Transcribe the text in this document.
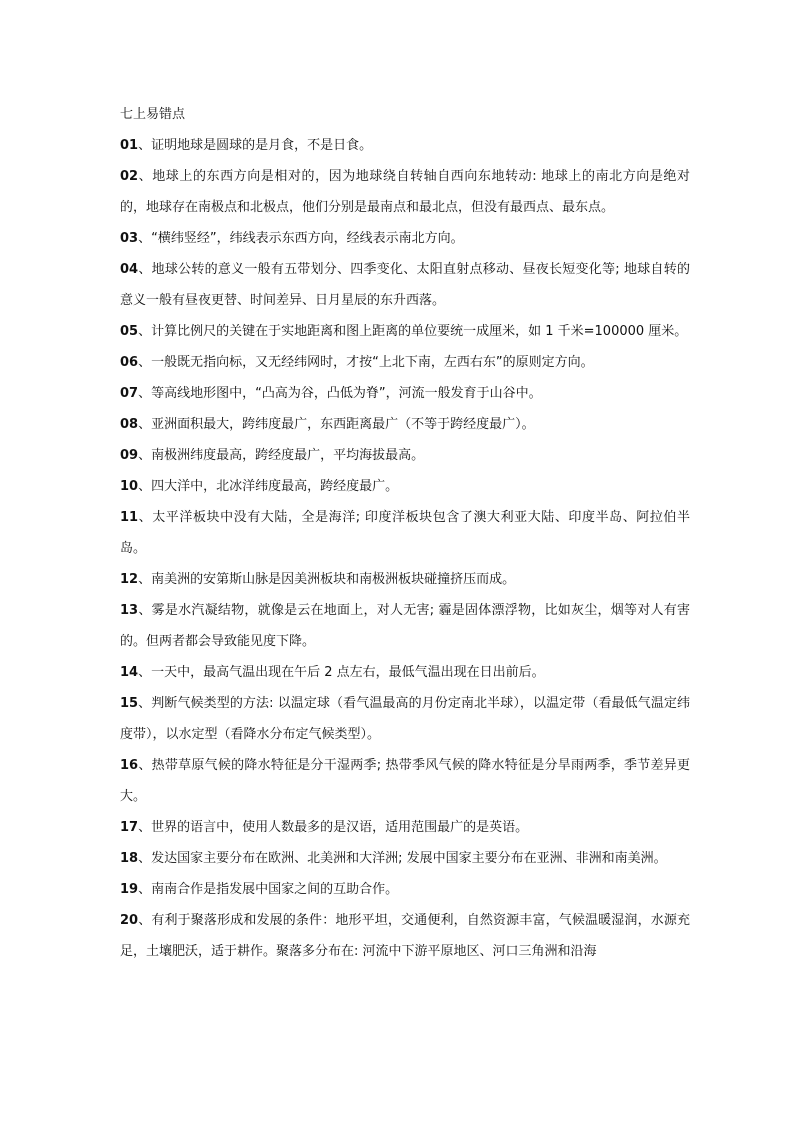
七上易错点
01、证明地球是圆球的是月食，不是日食。
02、地球上的东西方向是相对的，因为地球绕自转轴自西向东地转动: 地球上的南北方向是绝对的，地球存在南极点和北极点，他们分别是最南点和最北点，但没有最西点、最东点。
03、“横纬竖经”，纬线表示东西方向，经线表示南北方向。
04、地球公转的意义一般有五带划分、四季变化、太阳直射点移动、昼夜长短变化等; 地球自转的意义一般有昼夜更替、时间差异、日月星辰的东升西落。
05、计算比例尺的关键在于实地距离和图上距离的单位要统一成厘米，如 1 千米=100000 厘米。
06、一般既无指向标，又无经纬网时，才按“上北下南，左西右东”的原则定方向。
07、等高线地形图中，“凸高为谷，凸低为脊”，河流一般发育于山谷中。
08、亚洲面积最大，跨纬度最广，东西距离最广（不等于跨经度最广）。
09、南极洲纬度最高，跨经度最广，平均海拔最高。
10、四大洋中，北冰洋纬度最高，跨经度最广。
11、太平洋板块中没有大陆，全是海洋; 印度洋板块包含了澳大利亚大陆、印度半岛、阿拉伯半岛。
12、南美洲的安第斯山脉是因美洲板块和南极洲板块碰撞挤压而成。
13、雾是水汽凝结物，就像是云在地面上，对人无害; 霾是固体漂浮物，比如灰尘，烟等对人有害的。但两者都会导致能见度下降。
14、一天中，最高气温出现在午后 2 点左右，最低气温出现在日出前后。
15、判断气候类型的方法: 以温定球（看气温最高的月份定南北半球），以温定带（看最低气温定纬度带），以水定型（看降水分布定气候类型）。
16、热带草原气候的降水特征是分干湿两季; 热带季风气候的降水特征是分旱雨两季，季节差异更大。
17、世界的语言中，使用人数最多的是汉语，适用范围最广的是英语。
18、发达国家主要分布在欧洲、北美洲和大洋洲; 发展中国家主要分布在亚洲、非洲和南美洲。
19、南南合作是指发展中国家之间的互助合作。
20、有利于聚落形成和发展的条件：地形平坦，交通便利，自然资源丰富，气候温暖湿润，水源充足，土壤肥沃，适于耕作。聚落多分布在: 河流中下游平原地区、河口三角洲和沿海
